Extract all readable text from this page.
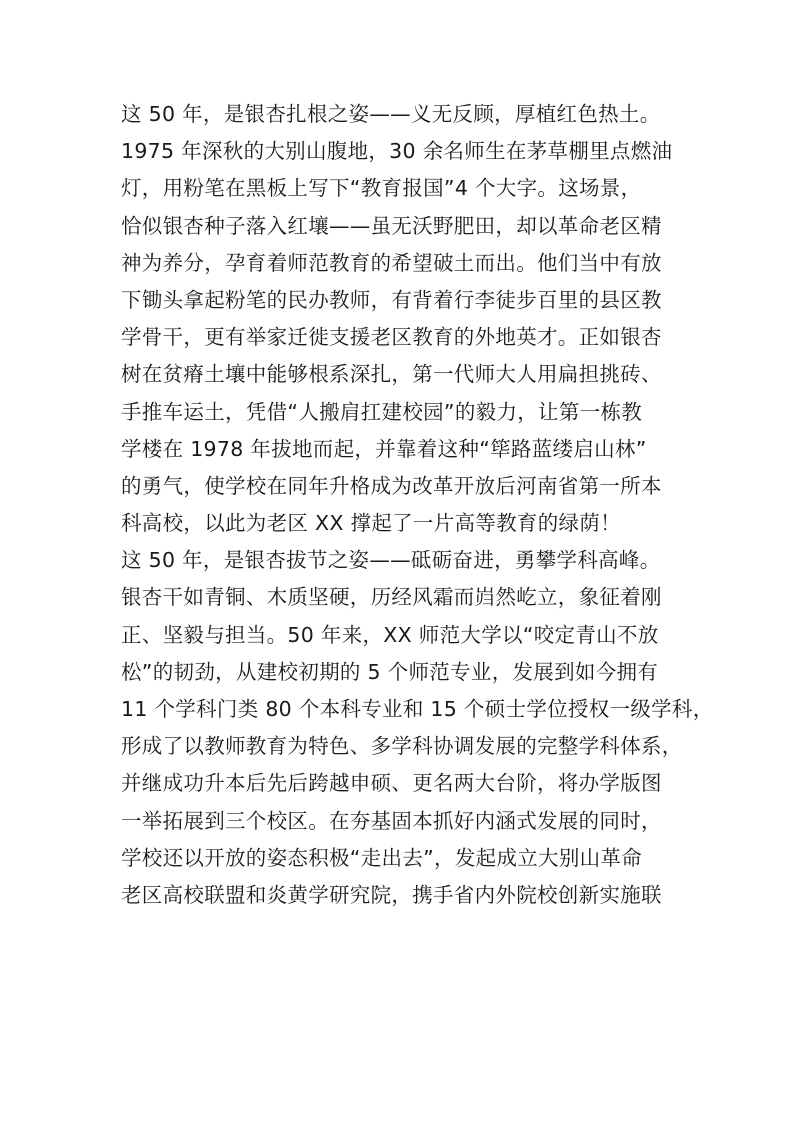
这 50 年，是银杏扎根之姿——义无反顾，厚植红色热土。
1975 年深秋的大别山腹地，30 余名师生在茅草棚里点燃油
灯，用粉笔在黑板上写下“教育报国”4 个大字。这场景，
恰似银杏种子落入红壤——虽无沃野肥田，却以革命老区精
神为养分，孕育着师范教育的希望破土而出。他们当中有放
下锄头拿起粉笔的民办教师，有背着行李徒步百里的县区教
学骨干，更有举家迁徙支援老区教育的外地英才。正如银杏
树在贫瘠土壤中能够根系深扎，第一代师大人用扁担挑砖、
手推车运土，凭借“人搬肩扛建校园”的毅力，让第一栋教
学楼在 1978 年拔地而起，并靠着这种“筚路蓝缕启山林”
的勇气，使学校在同年升格成为改革开放后河南省第一所本
科高校，以此为老区 XX 撑起了一片高等教育的绿荫！
这 50 年，是银杏拔节之姿——砥砺奋进，勇攀学科高峰。
银杏干如青铜、木质坚硬，历经风霜而岿然屹立，象征着刚
正、坚毅与担当。50 年来，XX 师范大学以“咬定青山不放
松”的韧劲，从建校初期的 5 个师范专业，发展到如今拥有
11 个学科门类 80 个本科专业和 15 个硕士学位授权一级学科，
形成了以教师教育为特色、多学科协调发展的完整学科体系，
并继成功升本后先后跨越申硕、更名两大台阶，将办学版图
一举拓展到三个校区。在夯基固本抓好内涵式发展的同时，
学校还以开放的姿态积极“走出去”，发起成立大别山革命
老区高校联盟和炎黄学研究院，携手省内外院校创新实施联
